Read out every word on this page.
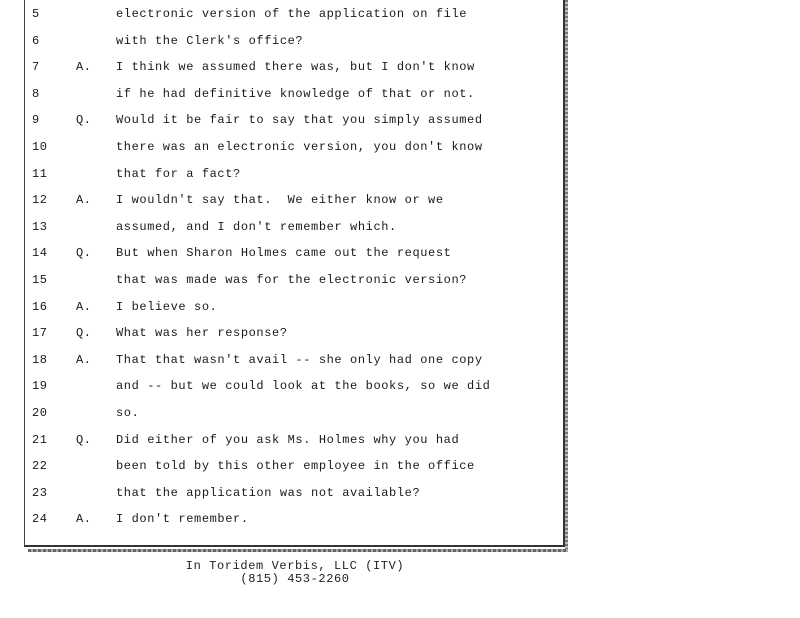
5	electronic version of the application on file
6	with the Clerk's office?
7	A.	I think we assumed there was, but I don't know
8	if he had definitive knowledge of that or not.
9	Q.	Would it be fair to say that you simply assumed
10	there was an electronic version, you don't know
11	that for a fact?
12	A.	I wouldn't say that.  We either know or we
13	assumed, and I don't remember which.
14	Q.	But when Sharon Holmes came out the request
15	that was made was for the electronic version?
16	A.	I believe so.
17	Q.	What was her response?
18	A.	That that wasn't avail -- she only had one copy
19	and -- but we could look at the books, so we did
20	so.
21	Q.	Did either of you ask Ms. Holmes why you had
22	been told by this other employee in the office
23	that the application was not available?
24	A.	I don't remember.
In Toridem Verbis, LLC (ITV)
(815) 453-2260
